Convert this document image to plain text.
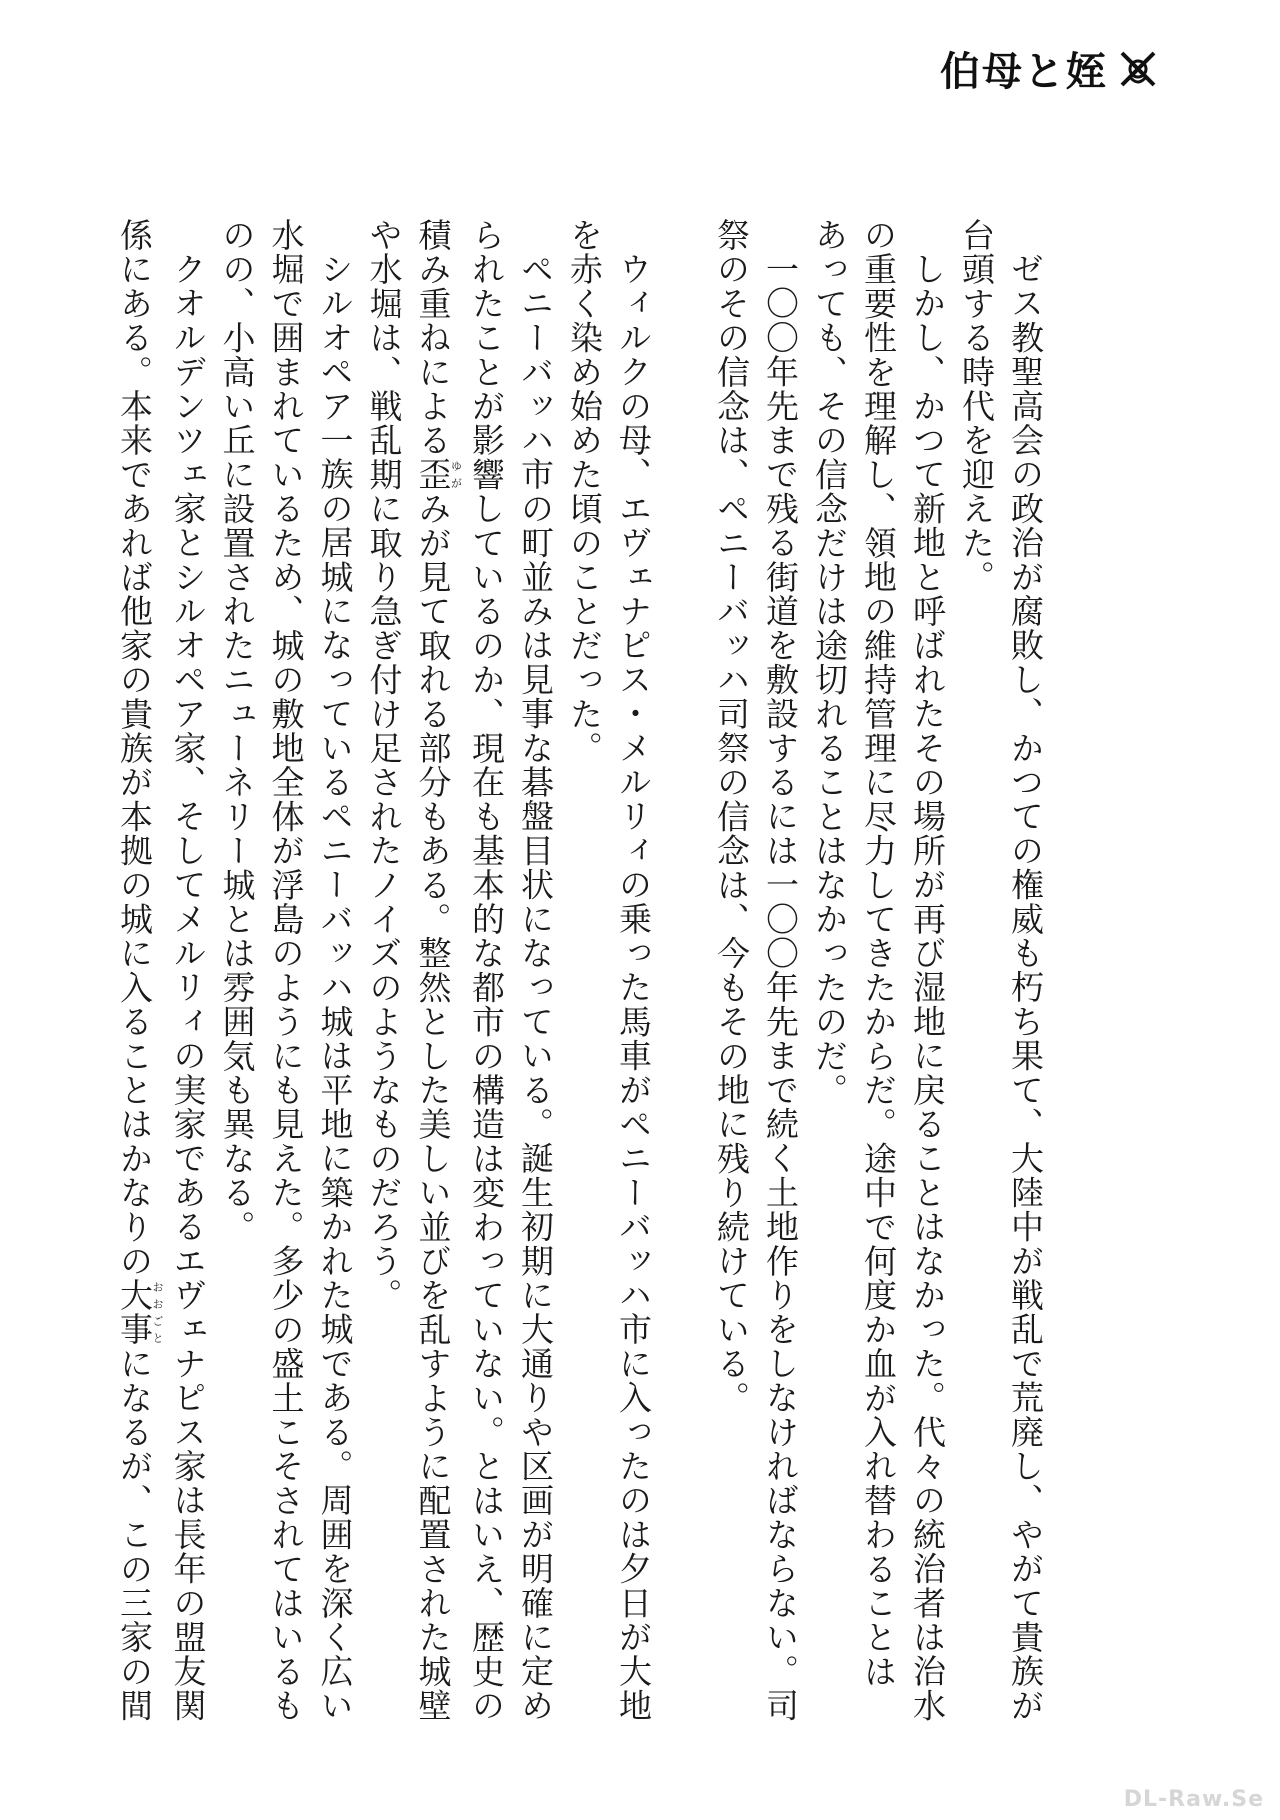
伯母と姪
ゼス教聖高会の政治が腐敗し、かつての権威も朽ち果て、大陸中が戦乱で荒廃し、やがて貴族が
台頭する時代を迎えた。
しかし、かつて新地と呼ばれたその場所が再び湿地に戻ることはなかった。代々の統治者は治水
の重要性を理解し、領地の維持管理に尽力してきたからだ。途中で何度か血が入れ替わることは
あっても、その信念だけは途切れることはなかったのだ。
一〇〇年先まで残る街道を敷設するには一〇〇年先まで続く土地作りをしなければならない。司
祭のその信念は、ペニーバッハ司祭の信念は、今もその地に残り続けている。
ウィルクの母、エヴェナピス・メルリィの乗った馬車がペニーバッハ市に入ったのは夕日が大地
を赤く染め始めた頃のことだった。
ペニーバッハ市の町並みは見事な碁盤目状になっている。誕生初期に大通りや区画が明確に定め
られたことが影響しているのか、現在も基本的な都市の構造は変わっていない。とはいえ、歴史の
積み重ねによる歪ゆがみが見て取れる部分もある。整然とした美しい並びを乱すように配置された城壁
や水堀は、戦乱期に取り急ぎ付け足されたノイズのようなものだろう。
シルオペア一族の居城になっているペニーバッハ城は平地に築かれた城である。周囲を深く広い
水堀で囲まれているため、城の敷地全体が浮島のようにも見えた。多少の盛土こそされてはいるも
のの、小高い丘に設置されたニューネリー城とは雰囲気も異なる。
クオルデンツェ家とシルオペア家、そしてメルリィの実家であるエヴェナピス家は長年の盟友関
係にある。本来であれば他家の貴族が本拠の城に入ることはかなりの大事おおごとになるが、この三家の間
DL-Raw.Se
